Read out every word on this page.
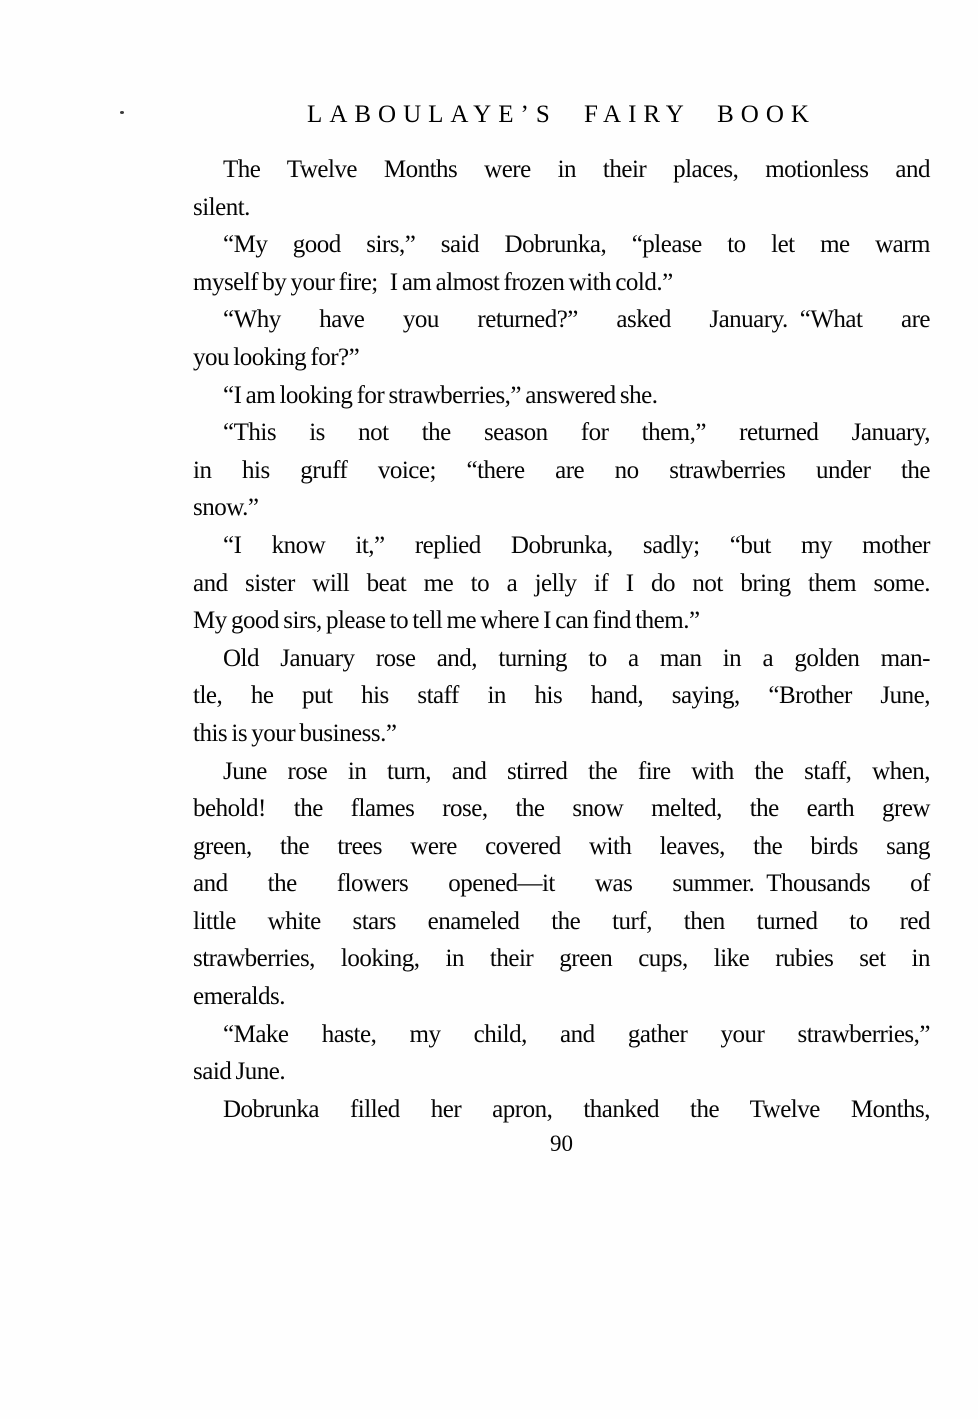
LABOULAYE’S FAIRY BOOK
The Twelve Months were in their places, motionless and
silent.
“My good sirs,” said Dobrunka, “please to let me warm
myself by your fire; I am almost frozen with cold.”
“Why have you returned?” asked January. “What are
you looking for?”
“I am looking for strawberries,” answered she.
“This is not the season for them,” returned January,
in his gruff voice; “there are no strawberries under the
snow.”
“I know it,” replied Dobrunka, sadly; “but my mother
and sister will beat me to a jelly if I do not bring them some.
My good sirs, please to tell me where I can find them.”
Old January rose and, turning to a man in a golden man-
tle, he put his staff in his hand, saying, “Brother June,
this is your business.”
June rose in turn, and stirred the fire with the staff, when,
behold! the flames rose, the snow melted, the earth grew
green, the trees were covered with leaves, the birds sang
and the flowers opened—it was summer. Thousands of
little white stars enameled the turf, then turned to red
strawberries, looking, in their green cups, like rubies set in
emeralds.
“Make haste, my child, and gather your strawberries,”
said June.
Dobrunka filled her apron, thanked the Twelve Months,
90
